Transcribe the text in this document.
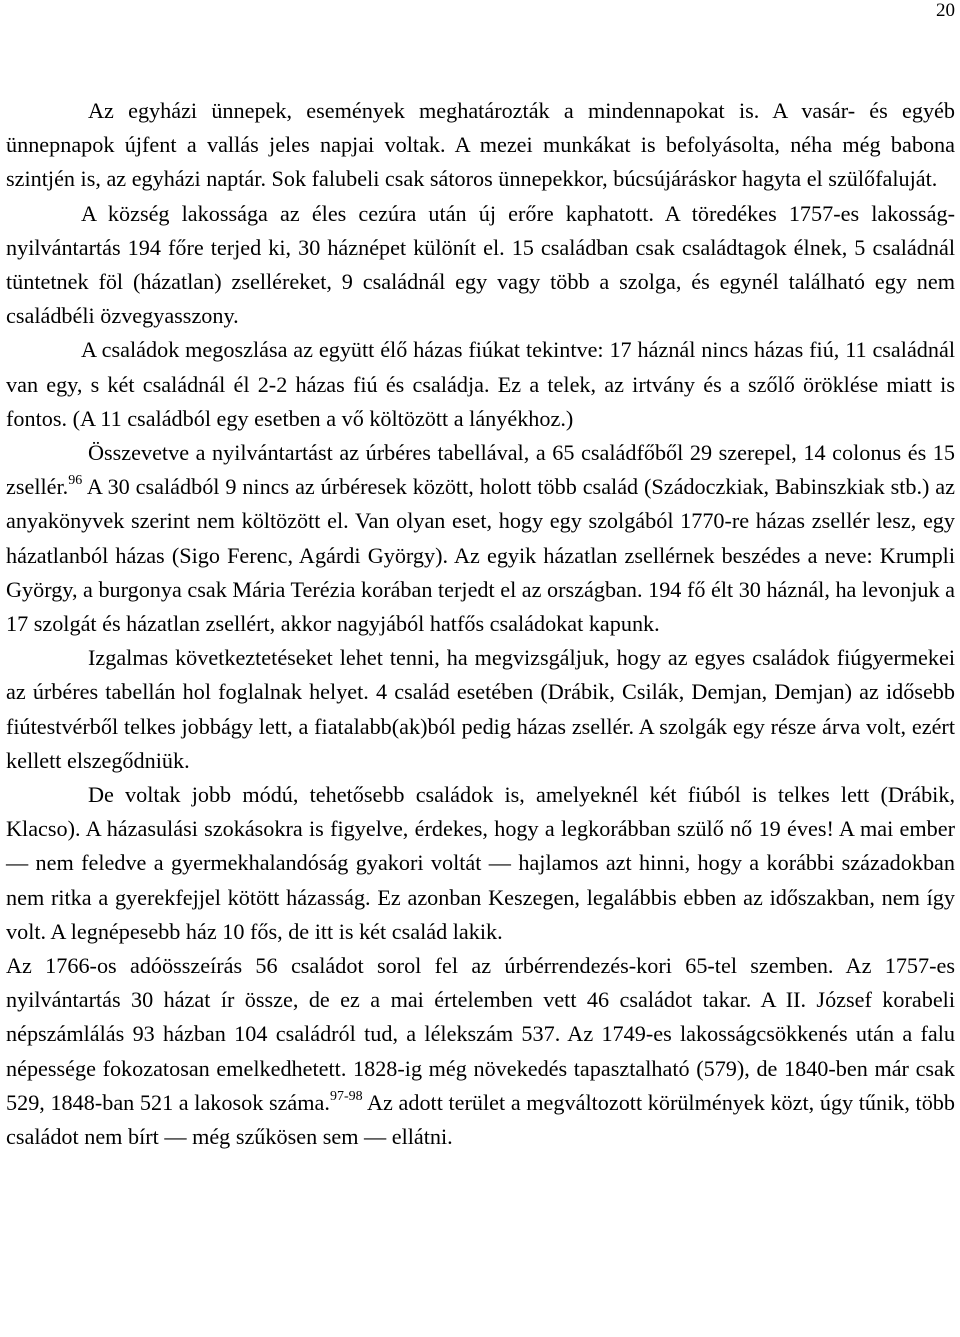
20

Az egyházi ünnepek, események meghatározták a mindennapokat is. A vasár- és egyéb ünnepnapok újfent a vallás jeles napjai voltak. A mezei munkákat is befolyásolta, néha még babona szintjén is, az egyházi naptár. Sok falubeli csak sátoros ünnepekkor, búcsújáráskor hagyta el szülőfaluját.

A község lakossága az éles cezúra után új erőre kaphatott. A töredékes 1757-es lakosság-nyilvántartás 194 főre terjed ki, 30 háznépet különít el. 15 családban csak családtagok élnek, 5 családnál tüntetnek föl (házatlan) zselléreket, 9 családnál egy vagy több a szolga, és egynél található egy nem családbéli özvegyasszony.

A családok megoszlása az együtt élő házas fiúkat tekintve: 17 háznál nincs házas fiú, 11 családnál van egy, s két családnál él 2-2 házas fiú és családja. Ez a telek, az irtvány és a szőlő öröklése miatt is fontos. (A 11 családból egy esetben a vő költözött a lányékhoz.)

Összevetve a nyilvántartást az úrbéres tabellával, a 65 családfőből 29 szerepel, 14 colonus és 15 zsellér.$^{96}$ A 30 családból 9 nincs az úrbéresek között, holott több család (Szádoczkiak, Babinszkiak stb.) az anyakönyvek szerint nem költözött el. Van olyan eset, hogy egy szolgából 1770-re házas zsellér lesz, egy házatlanból házas (Sigo Ferenc, Agárdi György). Az egyik házatlan zsellérnek beszédes a neve: Krumpli György, a burgonya csak Mária Terézia korában terjedt el az országban. 194 fő élt 30 háznál, ha levonjuk a 17 szolgát és házatlan zsellért, akkor nagyjából hatfős családokat kapunk.

Izgalmas következtetéseket lehet tenni, ha megvizsgáljuk, hogy az egyes családok fiúgyermekei az úrbéres tabellán hol foglalnak helyet. 4 család esetében (Drábik, Csilák, Demjan, Demjan) az idősebb fiútestvérből telkes jobbágy lett, a fiatalabb(ak)ból pedig házas zsellér. A szolgák egy része árva volt, ezért kellett elszegődniük.

De voltak jobb módú, tehetősebb családok is, amelyeknél két fiúból is telkes lett (Drábik, Klacso). A házasulási szokásokra is figyelve, érdekes, hogy a legkorábban szülő nő 19 éves! A mai ember — nem feledve a gyermekhalandóság gyakori voltát — hajlamos azt hinni, hogy a korábbi századokban nem ritka a gyerekfejjel kötött házasság. Ez azonban Keszegen, legalábbis ebben az időszakban, nem így volt. A legnépesebb ház 10 fős, de itt is két család lakik.

Az 1766-os adóösszeírás 56 családot sorol fel az úrbérrendezés-kori 65-tel szemben. Az 1757-es nyilvántartás 30 házat ír össze, de ez a mai értelemben vett 46 családot takar. A II. József korabeli népszámlálás 93 házban 104 családról tud, a lélekszám 537. Az 1749-es lakosságcsökkenés után a falu népessége fokozatosan emelkedhetett. 1828-ig még növekedés tapasztalható (579), de 1840-ben már csak 529, 1848-ban 521 a lakosok száma.$^{97-98}$ Az adott terület a megváltozott körülmények közt, úgy tűnik, több családot nem bírt — még szűkösen sem — ellátni.
